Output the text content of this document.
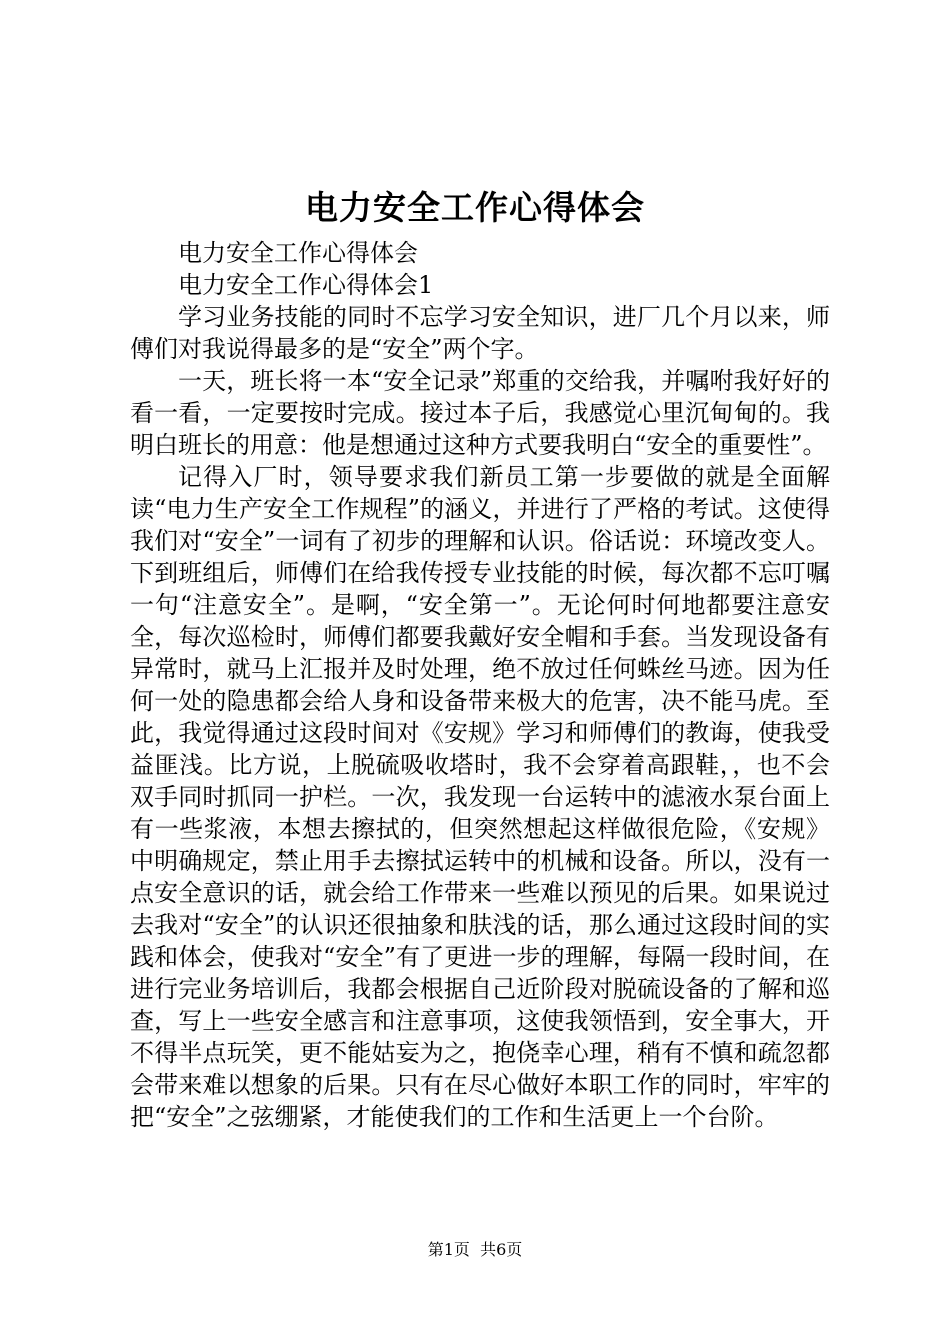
电力安全工作心得体会

电力安全工作心得体会

电力安全工作心得体会1

学习业务技能的同时不忘学习安全知识，进厂几个月以来，师傅们对我说得最多的是“安全”两个字。

一天，班长将一本“安全记录”郑重的交给我，并嘱咐我好好的看一看，一定要按时完成。接过本子后，我感觉心里沉甸甸的。我明白班长的用意：他是想通过这种方式要我明白“安全的重要性”。

记得入厂时，领导要求我们新员工第一步要做的就是全面解读“电力生产安全工作规程”的涵义，并进行了严格的考试。这使得我们对“安全”一词有了初步的理解和认识。俗话说：环境改变人。下到班组后，师傅们在给我传授专业技能的时候，每次都不忘叮嘱一句“注意安全”。是啊，“安全第一”。无论何时何地都要注意安全，每次巡检时，师傅们都要我戴好安全帽和手套。当发现设备有异常时，就马上汇报并及时处理，绝不放过任何蛛丝马迹。因为任何一处的隐患都会给人身和设备带来极大的危害，决不能马虎。至此，我觉得通过这段时间对《安规》学习和师傅们的教诲，使我受益匪浅。比方说，上脱硫吸收塔时，我不会穿着高跟鞋，，也不会双手同时抓同一护栏。一次，我发现一台运转中的滤液水泵台面上有一些浆液，本想去擦拭的，但突然想起这样做很危险，《安规》中明确规定，禁止用手去擦拭运转中的机械和设备。所以，没有一点安全意识的话，就会给工作带来一些难以预见的后果。如果说过去我对“安全”的认识还很抽象和肤浅的话，那么通过这段时间的实践和体会，使我对“安全”有了更进一步的理解，每隔一段时间，在进行完业务培训后，我都会根据自己近阶段对脱硫设备的了解和巡查，写上一些安全感言和注意事项，这使我领悟到，安全事大，开不得半点玩笑，更不能姑妄为之，抱侥幸心理，稍有不慎和疏忽都会带来难以想象的后果。只有在尽心做好本职工作的同时，牢牢的把“安全”之弦绷紧，才能使我们的工作和生活更上一个台阶。

第1页  共6页
